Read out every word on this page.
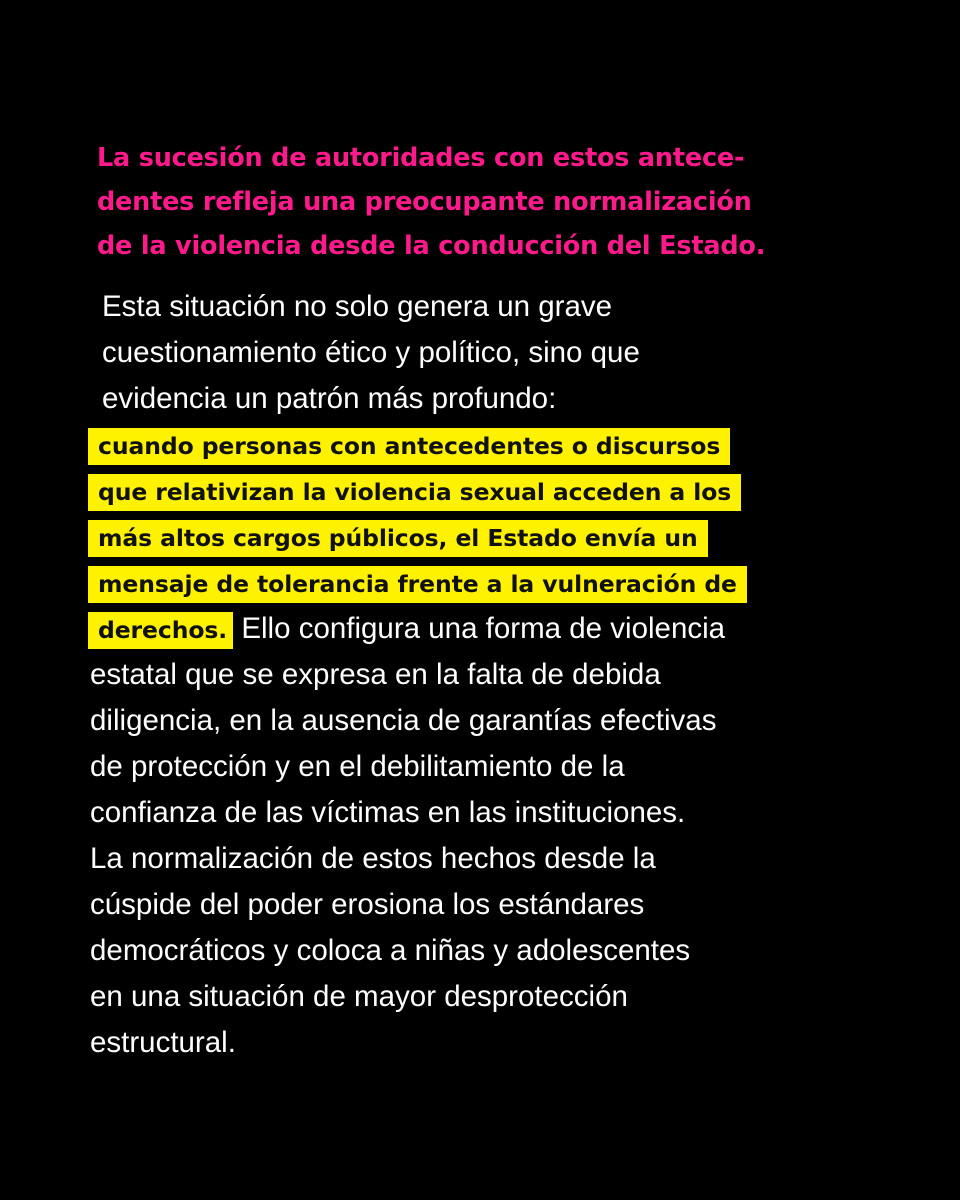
La sucesión de autoridades con estos antece-
dentes refleja una preocupante normalización
de la violencia desde la conducción del Estado.
Esta situación no solo genera un grave
cuestionamiento ético y político, sino que
evidencia un patrón más profundo:
cuando personas con antecedentes o discursos
que relativizan la violencia sexual acceden a los
más altos cargos públicos, el Estado envía un
mensaje de tolerancia frente a la vulneración de
derechos. Ello configura una forma de violencia
estatal que se expresa en la falta de debida
diligencia, en la ausencia de garantías efectivas
de protección y en el debilitamiento de la
confianza de las víctimas en las instituciones.
La normalización de estos hechos desde la
cúspide del poder erosiona los estándares
democráticos y coloca a niñas y adolescentes
en una situación de mayor desprotección
estructural.
